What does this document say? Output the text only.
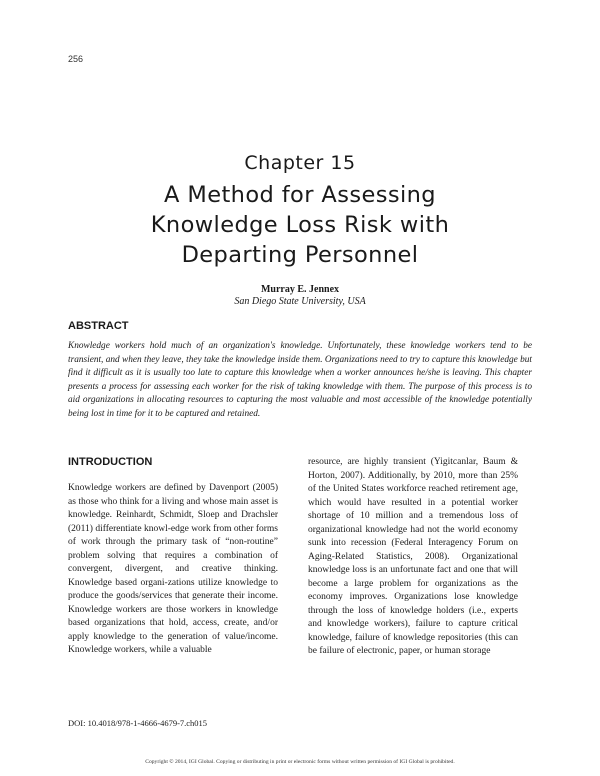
256
Chapter 15
A Method for Assessing
Knowledge Loss Risk with
Departing Personnel
Murray E. Jennex
San Diego State University, USA
ABSTRACT
Knowledge workers hold much of an organization's knowledge. Unfortunately, these knowledge workers tend to be transient, and when they leave, they take the knowledge inside them. Organizations need to try to capture this knowledge but find it difficult as it is usually too late to capture this knowledge when a worker announces he/she is leaving. This chapter presents a process for assessing each worker for the risk of taking knowledge with them. The purpose of this process is to aid organizations in allocating resources to capturing the most valuable and most accessible of the knowledge potentially being lost in time for it to be captured and retained.
INTRODUCTION
Knowledge workers are defined by Davenport (2005) as those who think for a living and whose main asset is knowledge. Reinhardt, Schmidt, Sloep and Drachsler (2011) differentiate knowl-edge work from other forms of work through the primary task of “non-routine” problem solving that requires a combination of convergent, divergent, and creative thinking. Knowledge based organi-zations utilize knowledge to produce the goods/services that generate their income. Knowledge workers are those workers in knowledge based organizations that hold, access, create, and/or apply knowledge to the generation of value/income. Knowledge workers, while a valuable
resource, are highly transient (Yigitcanlar, Baum & Horton, 2007). Additionally, by 2010, more than 25% of the United States workforce reached retirement age, which would have resulted in a potential worker shortage of 10 million and a tremendous loss of organizational knowledge had not the world economy sunk into recession (Federal Interagency Forum on Aging-Related Statistics, 2008). Organizational knowledge loss is an unfortunate fact and one that will become a large problem for organizations as the economy improves. Organizations lose knowledge through the loss of knowledge holders (i.e., experts and knowledge workers), failure to capture critical knowledge, failure of knowledge repositories (this can be failure of electronic, paper, or human storage
DOI: 10.4018/978-1-4666-4679-7.ch015
Copyright © 2014, IGI Global. Copying or distributing in print or electronic forms without written permission of IGI Global is prohibited.
